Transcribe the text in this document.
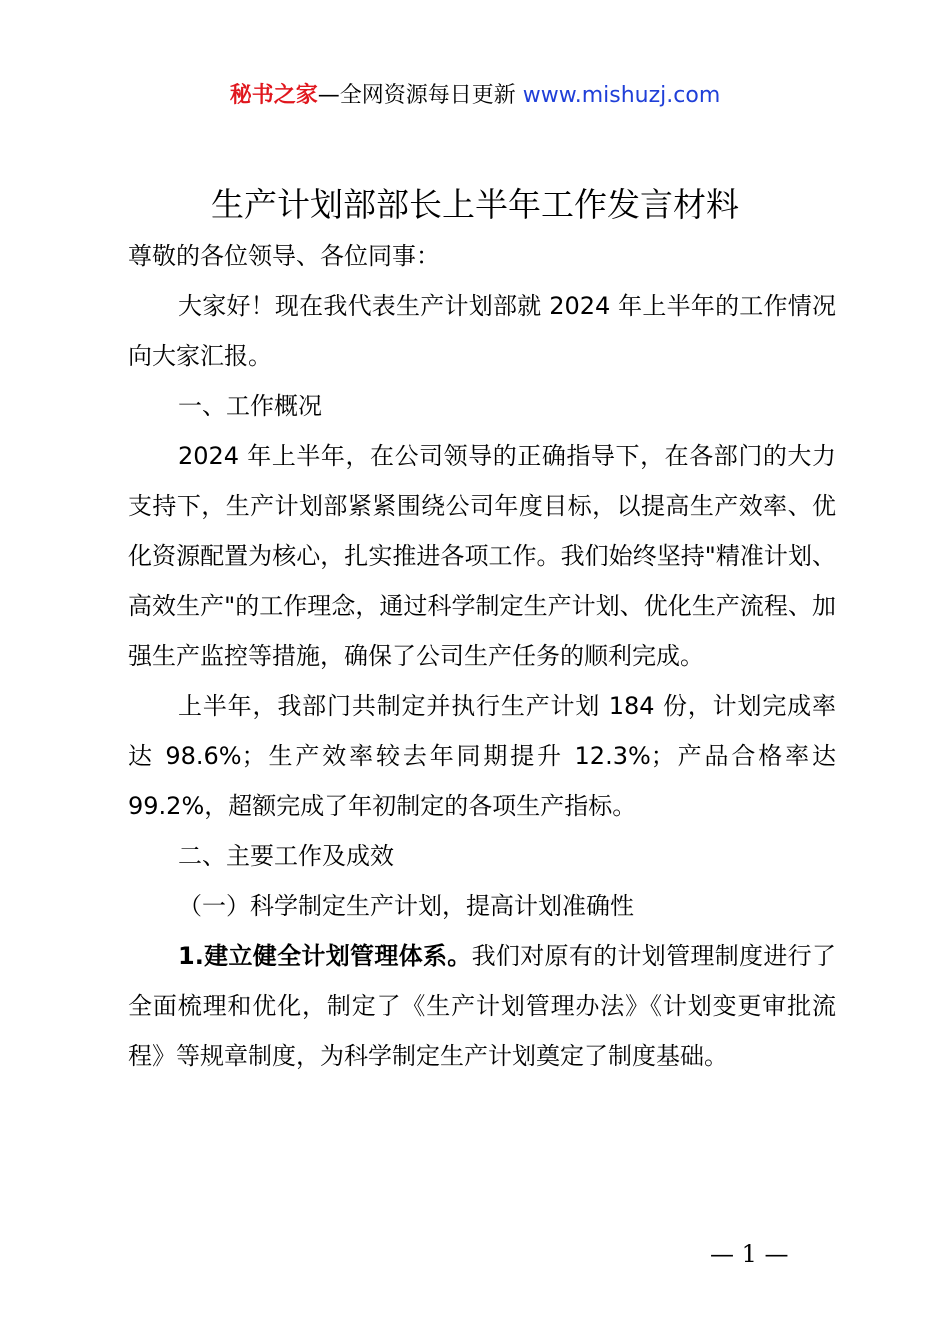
秘书之家—全网资源每日更新 www.mishuzj.com
生产计划部部长上半年工作发言材料

尊敬的各位领导、各位同事：

大家好！现在我代表生产计划部就 2024 年上半年的工作情况向大家汇报。

一、工作概况

2024 年上半年，在公司领导的正确指导下，在各部门的大力支持下，生产计划部紧紧围绕公司年度目标，以提高生产效率、优化资源配置为核心，扎实推进各项工作。我们始终坚持"精准计划、高效生产"的工作理念，通过科学制定生产计划、优化生产流程、加强生产监控等措施，确保了公司生产任务的顺利完成。

上半年，我部门共制定并执行生产计划 184 份，计划完成率达 98.6%；生产效率较去年同期提升 12.3%；产品合格率达 99.2%，超额完成了年初制定的各项生产指标。

二、主要工作及成效

（一）科学制定生产计划，提高计划准确性

1.建立健全计划管理体系。我们对原有的计划管理制度进行了全面梳理和优化，制定了《生产计划管理办法》《计划变更审批流程》等规章制度，为科学制定生产计划奠定了制度基础。

— 1 —
